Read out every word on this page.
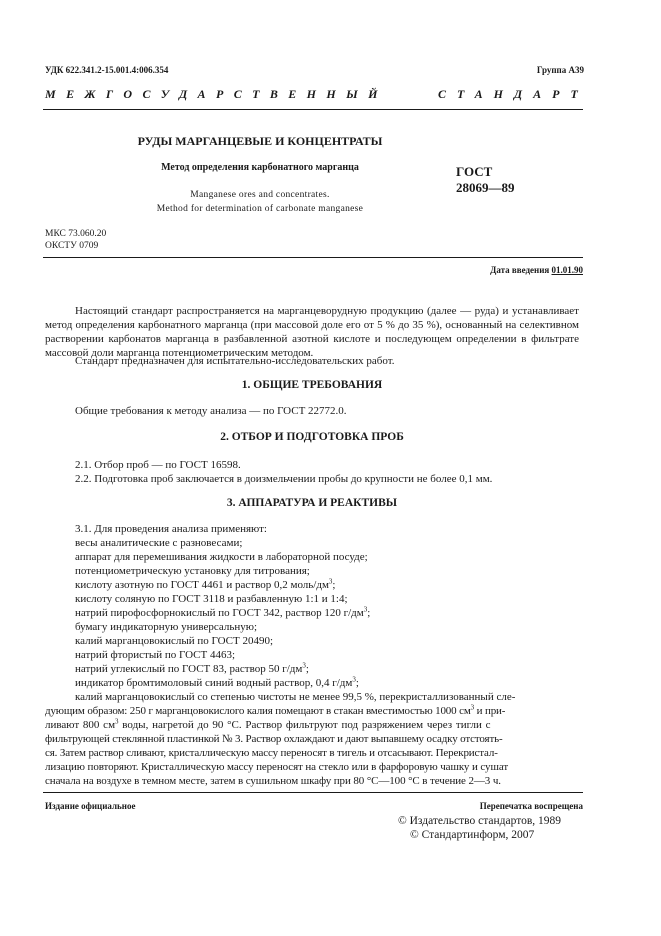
УДК 622.341.2-15.001.4:006.354	Группа А39
МЕЖГОСУДАРСТВЕННЫЙ	СТАНДАРТ
РУДЫ МАРГАНЦЕВЫЕ И КОНЦЕНТРАТЫ
Метод определения карбонатного марганца
Manganese ores and concentrates.
Method for determination of carbonate manganese
ГОСТ
28069—89
МКС 73.060.20
ОКСТУ 0709
Дата введения 01.01.90
Настоящий стандарт распространяется на марганцеворудную продукцию (далее — руда) и устанавливает метод определения карбонатного марганца (при массовой доле его от 5 % до 35 %), основанный на селективном растворении карбонатов марганца в разбавленной азотной кислоте и последующем определении в фильтрате массовой доли марганца потенциометрическим методом.
Стандарт предназначен для испытательно-исследовательских работ.
1. ОБЩИЕ ТРЕБОВАНИЯ
Общие требования к методу анализа — по ГОСТ 22772.0.
2. ОТБОР И ПОДГОТОВКА ПРОБ
2.1. Отбор проб — по ГОСТ 16598.
2.2. Подготовка проб заключается в доизмельчении пробы до крупности не более 0,1 мм.
3. АППАРАТУРА И РЕАКТИВЫ
3.1. Для проведения анализа применяют:
весы аналитические с разновесами;
аппарат для перемешивания жидкости в лабораторной посуде;
потенциометрическую установку для титрования;
кислоту азотную по ГОСТ 4461 и раствор 0,2 моль/$дм^3$;
кислоту соляную по ГОСТ 3118 и разбавленную 1:1 и 1:4;
натрий пирофосфорнокислый по ГОСТ 342, раствор 120 $г/дм^3$;
бумагу индикаторную универсальную;
калий марганцовокислый по ГОСТ 20490;
натрий фтористый по ГОСТ 4463;
натрий углекислый по ГОСТ 83, раствор 50 $г/дм^3$;
индикатор бромтимоловый синий водный раствор, 0,4 $г/дм^3$;
калий марганцовокислый со степенью чистоты не менее 99,5 %, перекристаллизованный сле-
дующим образом: 250 г марганцовокислого калия помещают в стакан вместимостью 1000 $см^3$ и при-
ливают 800 $см^3$ воды, нагретой до 90 °С. Раствор фильтруют под разряжением через тигли с
фильтрующей стеклянной пластинкой № 3. Раствор охлаждают и дают выпавшему осадку отстоять-
ся. Затем раствор сливают, кристаллическую массу переносят в тигель и отсасывают. Перекристал-
лизацию повторяют. Кристаллическую массу переносят на стекло или в фарфоровую чашку и сушат
сначала на воздухе в темном месте, затем в сушильном шкафу при 80 °С—100 °С в течение 2—3 ч.
Издание официальное	Перепечатка воспрещена
© Издательство стандартов, 1989
© Стандартинформ, 2007
